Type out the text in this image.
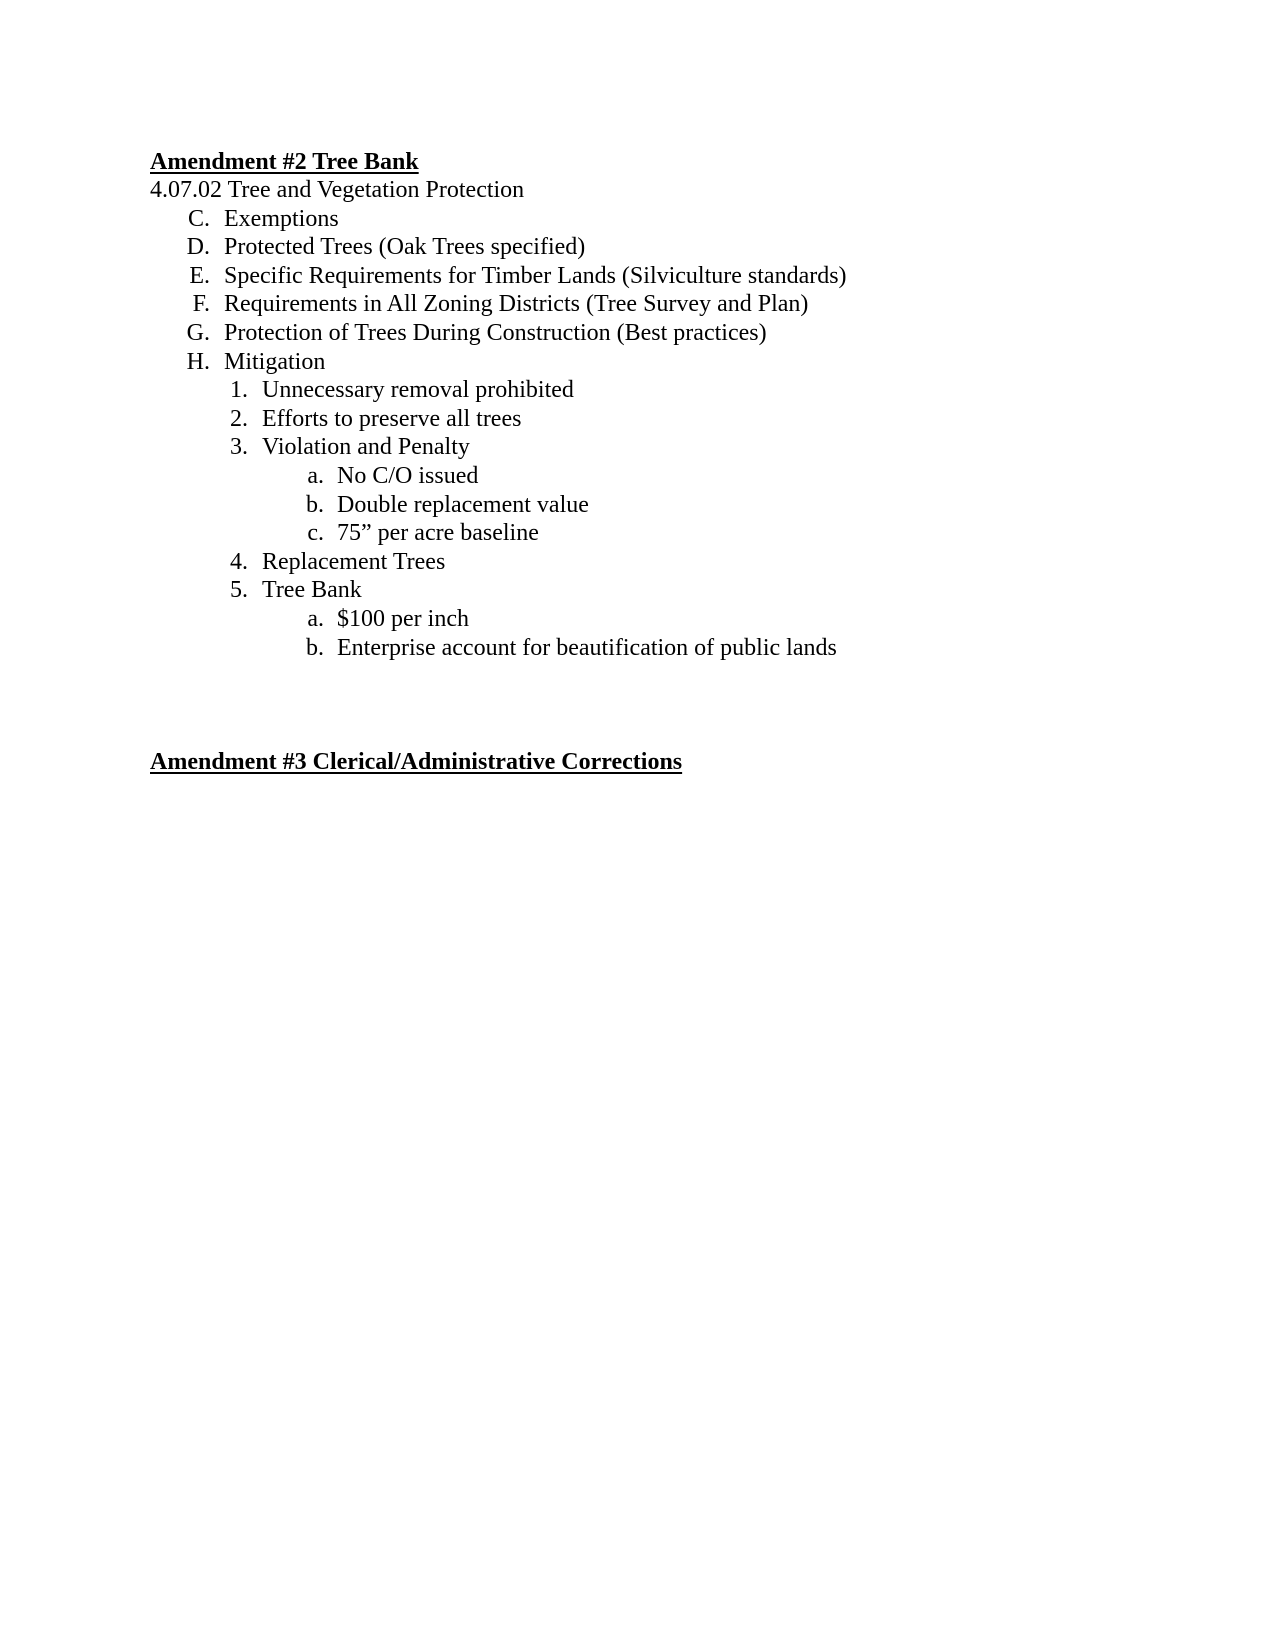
Amendment #2 Tree Bank
4.07.02 Tree and Vegetation Protection
C. Exemptions
D. Protected Trees (Oak Trees specified)
E. Specific Requirements for Timber Lands (Silviculture standards)
F. Requirements in All Zoning Districts (Tree Survey and Plan)
G. Protection of Trees During Construction (Best practices)
H. Mitigation
1. Unnecessary removal prohibited
2. Efforts to preserve all trees
3. Violation and Penalty
a. No C/O issued
b. Double replacement value
c. 75” per acre baseline
4. Replacement Trees
5. Tree Bank
a. $100 per inch
b. Enterprise account for beautification of public lands
Amendment #3 Clerical/Administrative Corrections
